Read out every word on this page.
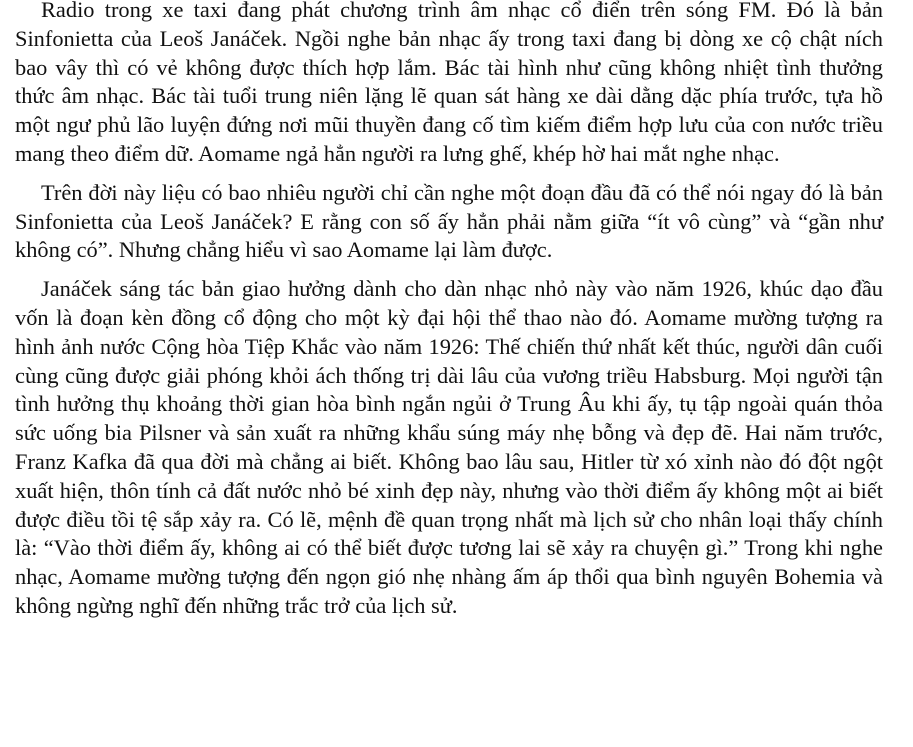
Radio trong xe taxi đang phát chương trình âm nhạc cổ điển trên sóng FM. Đó là bản Sinfonietta của Leoš Janáček. Ngồi nghe bản nhạc ấy trong taxi đang bị dòng xe cộ chật ních bao vây thì có vẻ không được thích hợp lắm. Bác tài hình như cũng không nhiệt tình thưởng thức âm nhạc. Bác tài tuổi trung niên lặng lẽ quan sát hàng xe dài dằng dặc phía trước, tựa hồ một ngư phủ lão luyện đứng nơi mũi thuyền đang cố tìm kiếm điểm hợp lưu của con nước triều mang theo điểm dữ. Aomame ngả hẳn người ra lưng ghế, khép hờ hai mắt nghe nhạc.

Trên đời này liệu có bao nhiêu người chỉ cần nghe một đoạn đầu đã có thể nói ngay đó là bản Sinfonietta của Leoš Janáček? E rằng con số ấy hẳn phải nằm giữa “ít vô cùng” và “gần như không có”. Nhưng chẳng hiểu vì sao Aomame lại làm được.

Janáček sáng tác bản giao hưởng dành cho dàn nhạc nhỏ này vào năm 1926, khúc dạo đầu vốn là đoạn kèn đồng cổ động cho một kỳ đại hội thể thao nào đó. Aomame mường tượng ra hình ảnh nước Cộng hòa Tiệp Khắc vào năm 1926: Thế chiến thứ nhất kết thúc, người dân cuối cùng cũng được giải phóng khỏi ách thống trị dài lâu của vương triều Habsburg. Mọi người tận tình hưởng thụ khoảng thời gian hòa bình ngắn ngủi ở Trung Âu khi ấy, tụ tập ngoài quán thỏa sức uống bia Pilsner và sản xuất ra những khẩu súng máy nhẹ bỗng và đẹp đẽ. Hai năm trước, Franz Kafka đã qua đời mà chẳng ai biết. Không bao lâu sau, Hitler từ xó xỉnh nào đó đột ngột xuất hiện, thôn tính cả đất nước nhỏ bé xinh đẹp này, nhưng vào thời điểm ấy không một ai biết được điều tồi tệ sắp xảy ra. Có lẽ, mệnh đề quan trọng nhất mà lịch sử cho nhân loại thấy chính là: “Vào thời điểm ấy, không ai có thể biết được tương lai sẽ xảy ra chuyện gì.” Trong khi nghe nhạc, Aomame mường tượng đến ngọn gió nhẹ nhàng ấm áp thổi qua bình nguyên Bohemia và không ngừng nghĩ đến những trắc trở của lịch sử.
